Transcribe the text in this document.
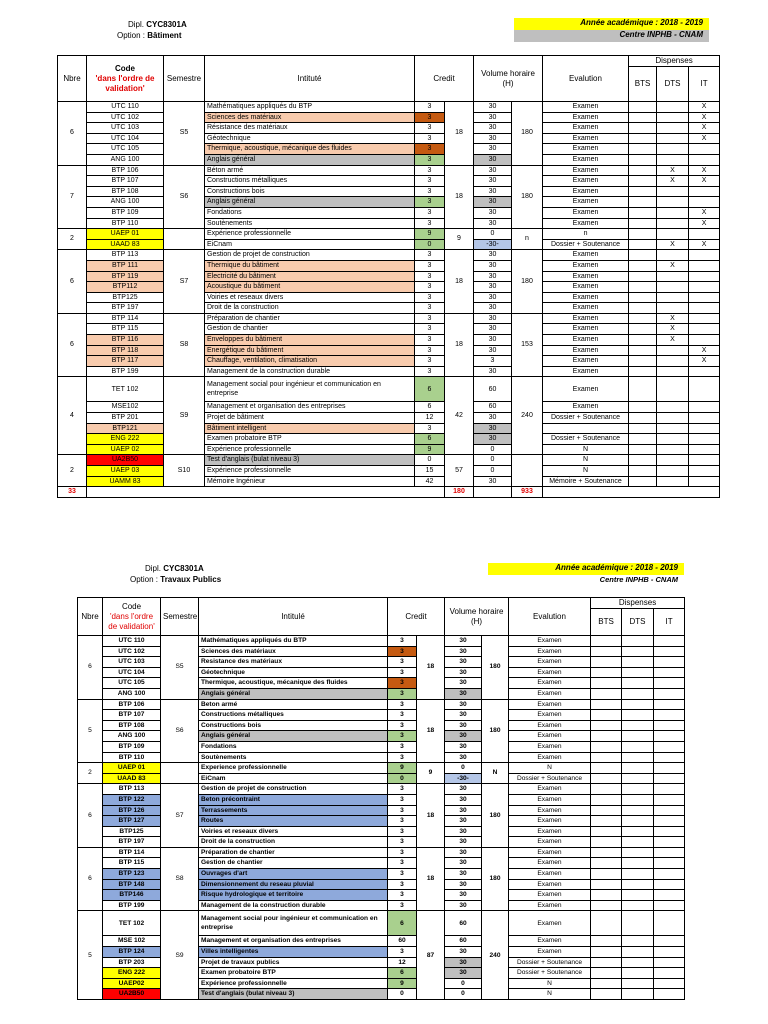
Dipl. CYC8301A
Option : Bâtiment
Année académique : 2018 - 2019
Centre INPHB - CNAM
Nbre	Code
'dans l'ordre de validation'	Semestre	Intituté	Credit		Volume horaire (H)		Evalution	Dispenses		
									BTS	DTS	IT
6	UTC 110	S5	Mathématiques appliqués du BTP	3	18	30	180	Examen			X
	UTC 102		Sciences des matériaux	3		30		Examen			X
	UTC 103		Résistance des matériaux	3		30		Examen			X
	UTC 104		Géotechnique	3		30		Examen			X
	UTC 105		Thermique, acoustique, mécanique des fluides	3		30		Examen			
	ANG 100		Anglais général	3		30		Examen			
7	BTP 106	S6	Béton armé	3	18	30	180	Examen		X	X
	BTP 107		Constructions métalliques	3		30		Examen		X	X
	BTP 108		Constructions bois	3		30		Examen			
	ANG 100		Anglais général	3		30		Examen			
	BTP 109		Fondations	3		30		Examen			X
	BTP 110		Soutènements	3		30		Examen			X
2	UAEP 01		Expérience professionnelle	9	9	0	n	n			
	UAAD 83		EiCnam	0		-30-		Dossier + Soutenance		X	X
6	BTP 113	S7	Gestion de projet de construction	3	18	30	180	Examen			
	BTP 111		Thermique du bâtiment	3		30		Examen		X	
	BTP 119		Electricité du bâtiment	3		30		Examen			
	BTP112		Acoustique du bâtiment	3		30		Examen			
	BTP125		Voiries et reseaux divers	3		30		Examen			
	BTP 197		Droit de la construction	3		30		Examen			
6	BTP 114	S8	Préparation de chantier	3	18	30	153	Examen		X	
	BTP 115		Gestion de chantier	3		30		Examen		X	
	BTP 116		Enveloppes du bâtiment	3		30		Examen		X	
	BTP 118		Energétique du bâtiment	3		30		Examen			X
	BTP 117		Chauffage, ventilation, climatisation	3		3		Examen			X
	BTP 199		Management de la construction durable	3		30		Examen			
4	TET 102	S9	Management social pour ingénieur et communication en entreprise	6	42	60	240	Examen			
	MSE102		Management et organisation des entreprises	6		60		Examen			
	BTP 201		Projet de bâtiment	12		30		Dossier + Soutenance			
	BTP121		Bâtiment intelligent	3		30					
	ENG 222		Examen probatoire BTP	6		30		Dossier + Soutenance			
	UAEP 02		Expérience professionnelle	9		0		N			
2	UA2B50	S10	Test d'anglais (bulat niveau 3)	0	57	0		N			
	UAEP 03		Expérience professionnelle	15		0		N			
	UAMM 83		Mémoire Ingénieur	42		30		Mémoire + Soutenance			
33					180		933				
Dipl. CYC8301A
Option : Travaux Publics
Année académique : 2018 - 2019
Centre INPHB - CNAM
Nbre	Code
'dans l'ordre de validation'	Semestre	Intitulé	Credit		Volume horaire (H)		Evalution	Dispenses		
									BTS	DTS	IT
6	UTC 110	S5	Mathématiques appliqués du BTP	3	18	30	180	Examen			
	UTC 102		Sciences des matériaux	3		30		Examen			
	UTC 103		Resistance des matériaux	3		30		Examen			
	UTC 104		Géotechnique	3		30		Examen			
	UTC 105		Thermique, acoustique, mécanique des fluides	3		30		Examen			
	ANG 100		Anglais général	3		30		Examen			
5	BTP 106	S6	Beton armé	3	18	30	180	Examen			
	BTP 107		Constructions métalliques	3		30		Examen			
	BTP 108		Constructions bois	3		30		Examen			
	ANG 100		Anglais général	3		30		Examen			
	BTP 109		Fondations	3		30		Examen			
	BTP 110		Soutènements	3		30		Examen			
2	UAEP 01		Experience professionnelle	9	9	0	N	N			
	UAAD 83		EiCnam	0		-30-		Dossier + Soutenance			
6	BTP 113	S7	Gestion de projet de construction	3	18	30	180	Examen			
	BTP 122		Beton précontraint	3		30		Examen			
	BTP 126		Terrassements	3		30		Examen			
	BTP 127		Routes	3		30		Examen			
	BTP125		Voiries et reseaux divers	3		30		Examen			
	BTP 197		Droit de la construction	3		30		Examen			
6	BTP 114	S8	Préparation de chantier	3	18	30	180	Examen			
	BTP 115		Gestion de chantier	3		30		Examen			
	BTP 123		Ouvrages d'art	3		30		Examen			
	BTP 148		Dimensionnement du reseau pluvial	3		30		Examen			
	BTP146		Risque hydrologique et territoire	3		30		Examen			
	BTP 199		Management de la construction durable	3		30		Examen			
5	TET 102	S9	Management social pour ingénieur et communication en entreprise	6	87	60	240	Examen			
	MSE 102		Management et organisation des entreprises	60		60		Examen			
	BTP 124		Villes intelligentes	3		30		Examen			
	BTP 203		Projet de travaux publics	12		30		Dossier + Soutenance			
	ENG 222		Examen probatoire BTP	6		30		Dossier + Soutenance			
	UAEP02		Expérience professionnelle	9		0		N			
	UA2B50		Test d'anglais (bulat niveau 3)	0		0		N			
